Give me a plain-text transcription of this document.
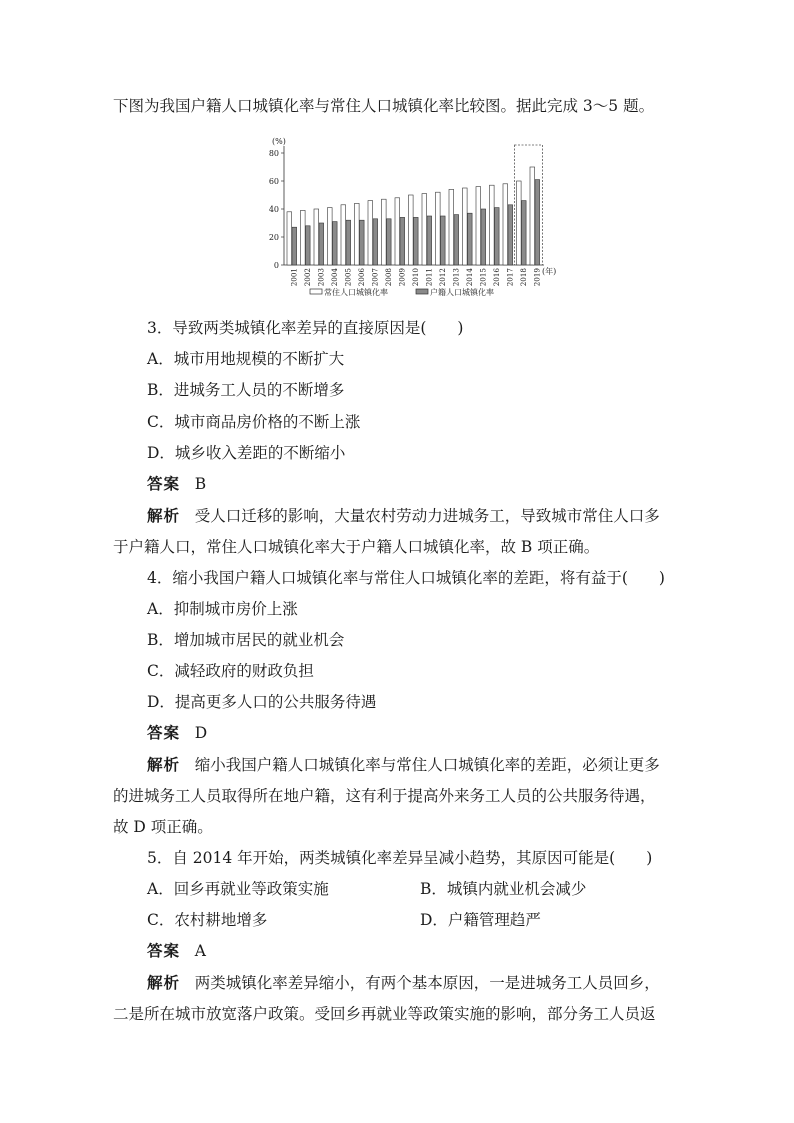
下图为我国户籍人口城镇化率与常住人口城镇化率比较图。据此完成 3～5 题。
(%)
0
20
40
60
80
2001 2002 2003 2004 2005 2006 2007 2008 2009 2010 2011 2012 2013 2014 2015 2016 2017 2018 2019 (年)
常住人口城镇化率	户籍人口城镇化率
3．导致两类城镇化率差异的直接原因是(　　)
A．城市用地规模的不断扩大
B．进城务工人员的不断增多
C．城市商品房价格的不断上涨
D．城乡收入差距的不断缩小
答案 B
解析 受人口迁移的影响，大量农村劳动力进城务工，导致城市常住人口多
于户籍人口，常住人口城镇化率大于户籍人口城镇化率，故 B 项正确。
4．缩小我国户籍人口城镇化率与常住人口城镇化率的差距，将有益于(　　)
A．抑制城市房价上涨
B．增加城市居民的就业机会
C．减轻政府的财政负担
D．提高更多人口的公共服务待遇
答案 D
解析 缩小我国户籍人口城镇化率与常住人口城镇化率的差距，必须让更多
的进城务工人员取得所在地户籍，这有利于提高外来务工人员的公共服务待遇，
故 D 项正确。
5．自 2014 年开始，两类城镇化率差异呈减小趋势，其原因可能是(　　)
A．回乡再就业等政策实施	B．城镇内就业机会减少
C．农村耕地增多	D．户籍管理趋严
答案 A
解析 两类城镇化率差异缩小，有两个基本原因，一是进城务工人员回乡，
二是所在城市放宽落户政策。受回乡再就业等政策实施的影响，部分务工人员返
